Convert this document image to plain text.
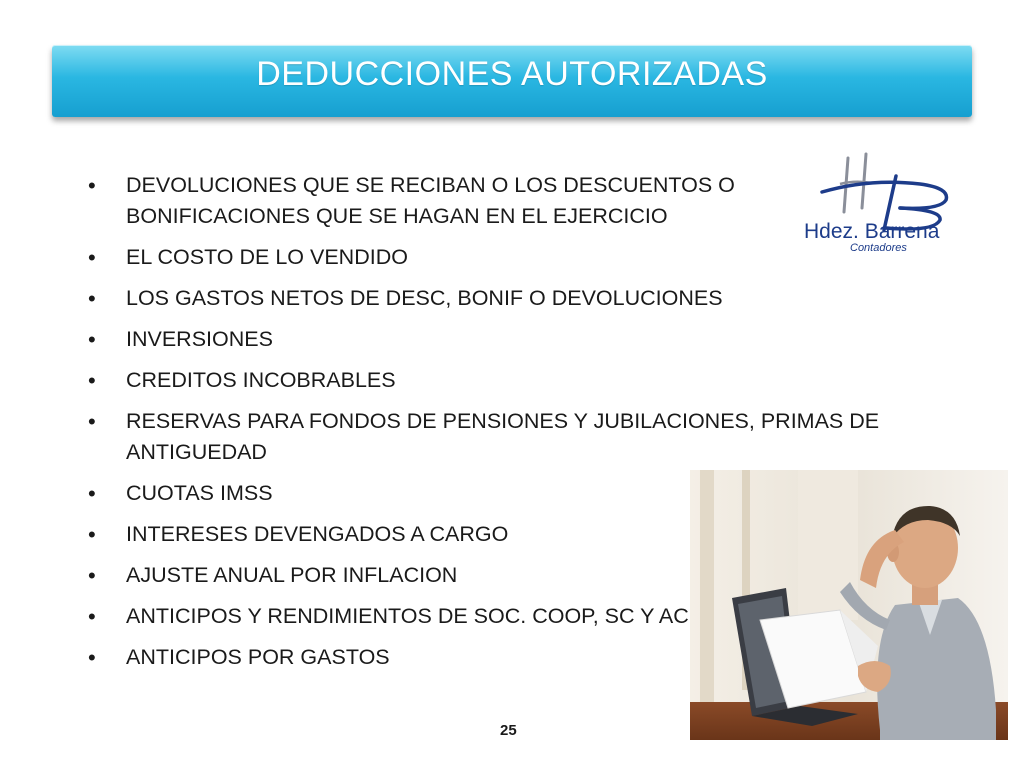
DEDUCCIONES AUTORIZADAS
• DEVOLUCIONES QUE SE RECIBAN O LOS DESCUENTOS O BONIFICACIONES QUE SE HAGAN EN EL EJERCICIO
• EL COSTO DE LO VENDIDO
• LOS GASTOS NETOS DE DESC, BONIF O DEVOLUCIONES
• INVERSIONES
• CREDITOS INCOBRABLES
• RESERVAS PARA FONDOS DE PENSIONES Y JUBILACIONES, PRIMAS DE ANTIGUEDAD
• CUOTAS IMSS
• INTERESES DEVENGADOS A CARGO
• AJUSTE ANUAL POR INFLACION
• ANTICIPOS Y RENDIMIENTOS DE SOC. COOP, SC Y AC
• ANTICIPOS POR GASTOS
Hdez. Barrena
Contadores
25
